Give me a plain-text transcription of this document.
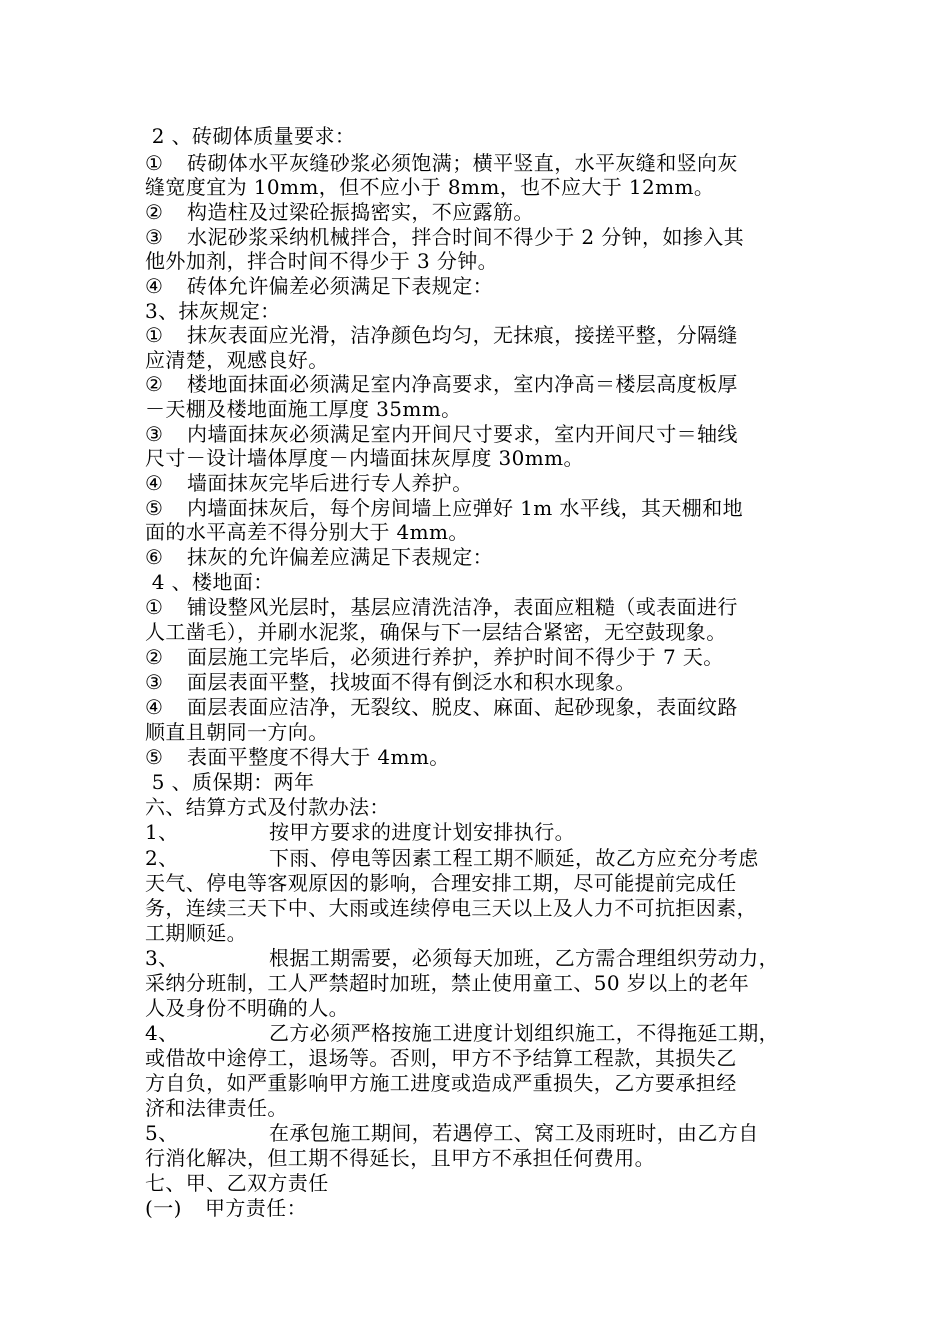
2 、砖砌体质量要求：
① 砖砌体水平灰缝砂浆必须饱满；横平竖直，水平灰缝和竖向灰
缝宽度宜为 10mm，但不应小于 8mm，也不应大于 12mm。
② 构造柱及过梁砼振捣密实，不应露筋。
③ 水泥砂浆采纳机械拌合，拌合时间不得少于 2 分钟，如掺入其
他外加剂，拌合时间不得少于 3 分钟。
④ 砖体允许偏差必须满足下表规定：
3、抹灰规定：
① 抹灰表面应光滑，洁净颜色均匀，无抹痕，接搓平整，分隔缝
应清楚，观感良好。
② 楼地面抹面必须满足室内净高要求，室内净高＝楼层高度板厚
－天棚及楼地面施工厚度 35mm。
③ 内墙面抹灰必须满足室内开间尺寸要求，室内开间尺寸＝轴线
尺寸－设计墙体厚度－内墙面抹灰厚度 30mm。
④ 墙面抹灰完毕后进行专人养护。
⑤ 内墙面抹灰后，每个房间墙上应弹好 1m 水平线，其天棚和地
面的水平高差不得分别大于 4mm。
⑥ 抹灰的允许偏差应满足下表规定：
4 、楼地面：
① 铺设整风光层时，基层应清洗洁净，表面应粗糙（或表面进行
人工凿毛），并刷水泥浆，确保与下一层结合紧密，无空鼓现象。
② 面层施工完毕后，必须进行养护，养护时间不得少于 7 天。
③ 面层表面平整，找坡面不得有倒泛水和积水现象。
④ 面层表面应洁净，无裂纹、脱皮、麻面、起砂现象，表面纹路
顺直且朝同一方向。
⑤ 表面平整度不得大于 4mm。
5 、质保期：两年
六、结算方式及付款办法：
1、	按甲方要求的进度计划安排执行。
2、	下雨、停电等因素工程工期不顺延，故乙方应充分考虑
天气、停电等客观原因的影响，合理安排工期，尽可能提前完成任
务，连续三天下中、大雨或连续停电三天以上及人力不可抗拒因素，
工期顺延。
3、	根据工期需要，必须每天加班，乙方需合理组织劳动力，
采纳分班制，工人严禁超时加班，禁止使用童工、50 岁以上的老年
人及身份不明确的人。
4、	乙方必须严格按施工进度计划组织施工，不得拖延工期，
或借故中途停工，退场等。否则，甲方不予结算工程款，其损失乙
方自负，如严重影响甲方施工进度或造成严重损失，乙方要承担经
济和法律责任。
5、	在承包施工期间，若遇停工、窝工及雨班时，由乙方自
行消化解决，但工期不得延长，且甲方不承担任何费用。
七、甲、乙双方责任
(一) 甲方责任：
